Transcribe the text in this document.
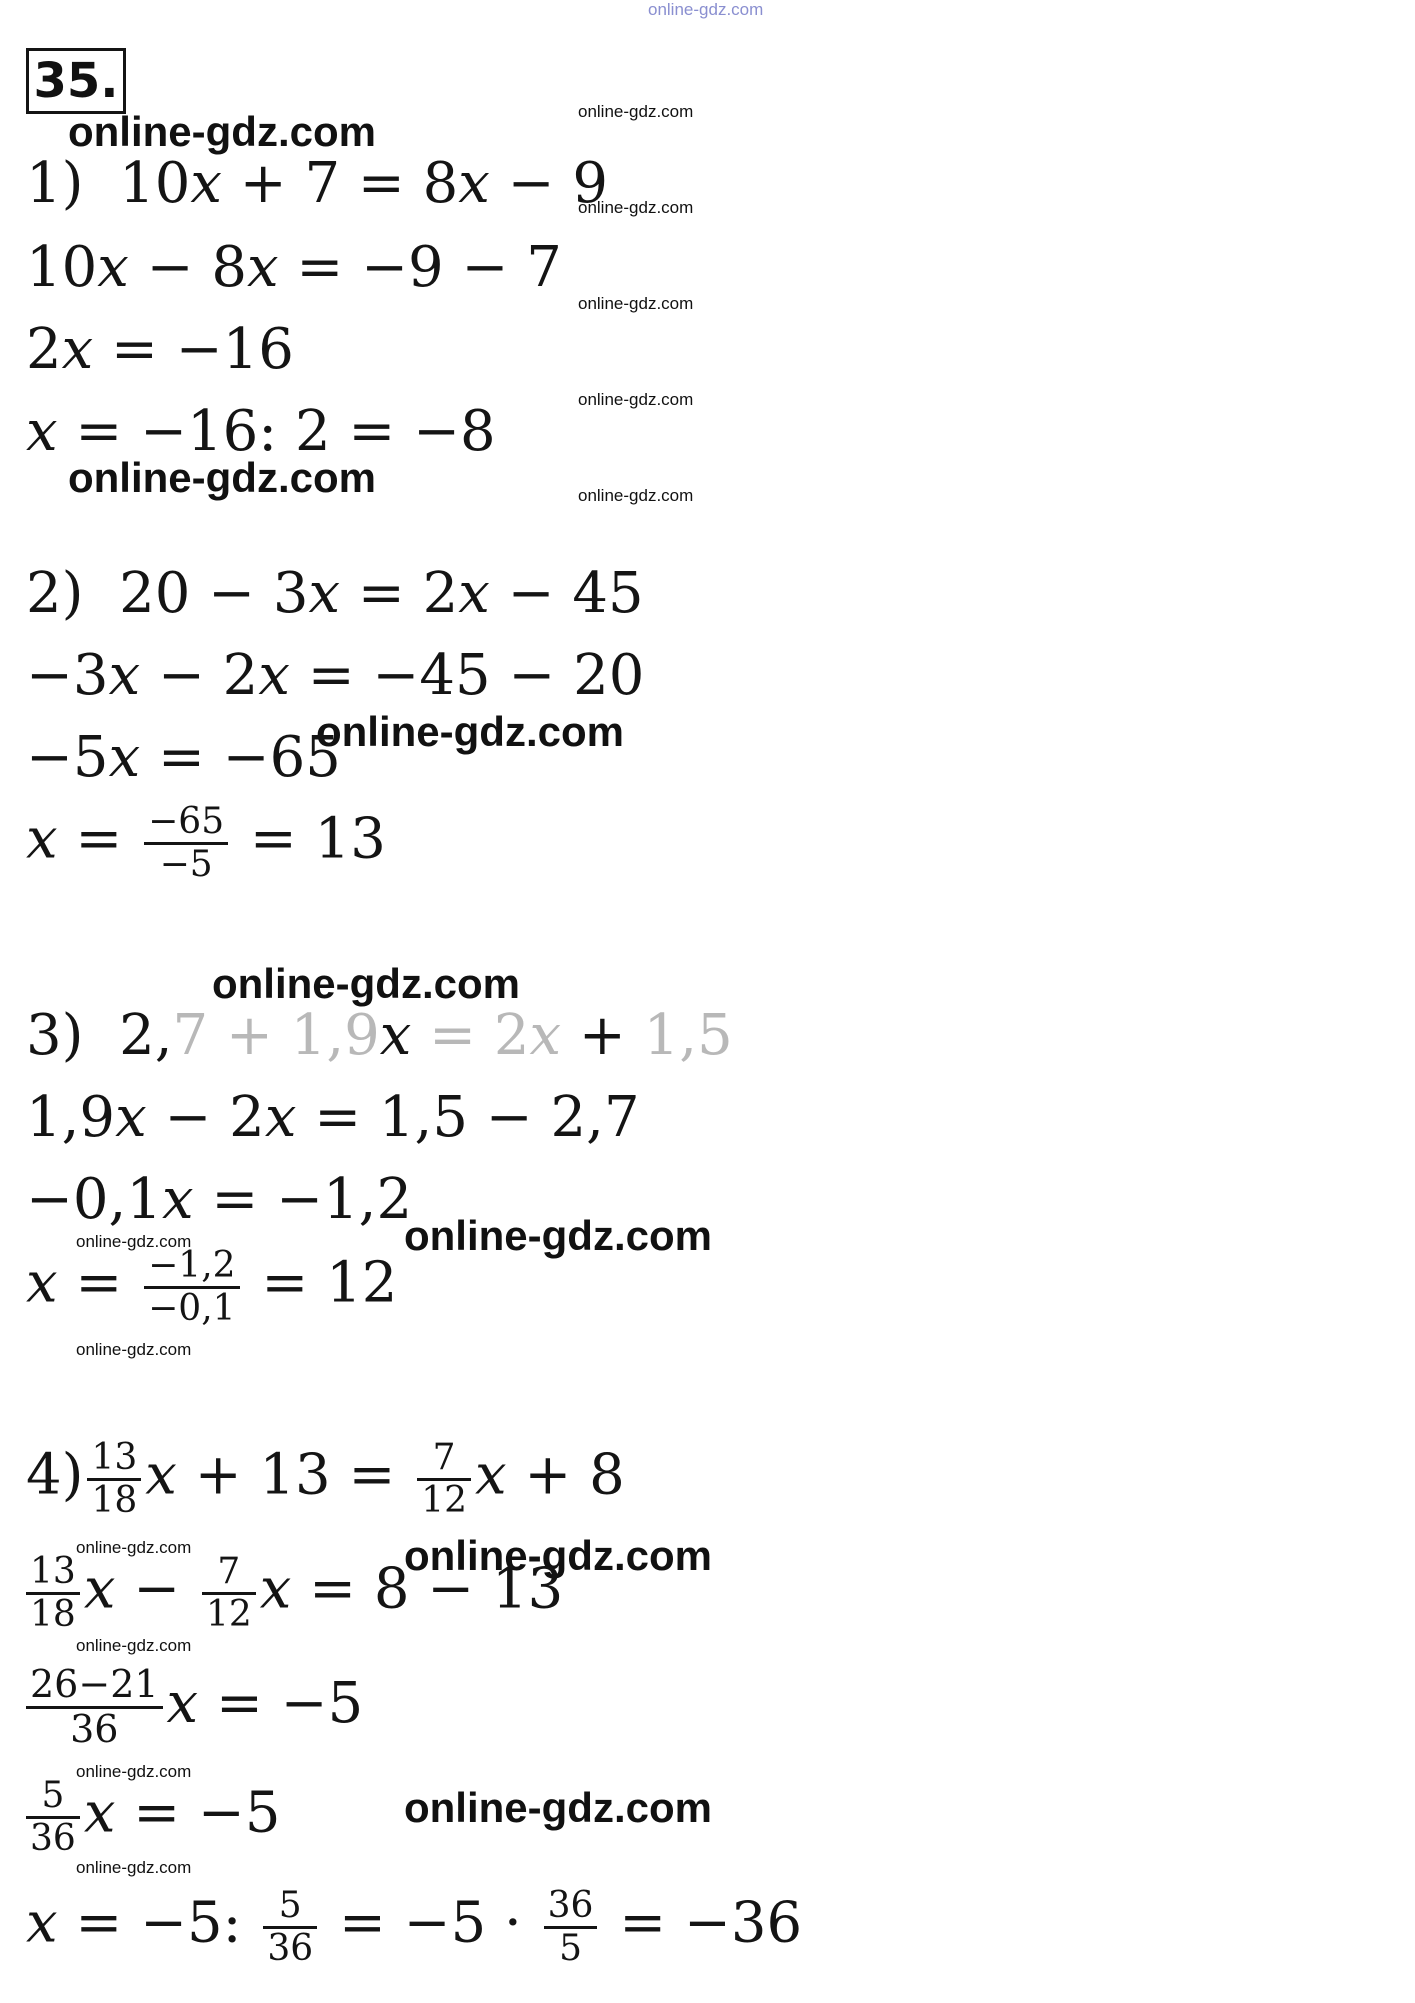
online-gdz.com
35.
online-gdz.com	online-gdz.com
online-gdz.com
online-gdz.com
online-gdz.com
online-gdz.com
online-gdz.com
online-gdz.com
online-gdz.com
online-gdz.com
online-gdz.com
online-gdz.com
online-gdz.com
online-gdz.com
online-gdz.com
online-gdz.com
online-gdz.com
online-gdz.com
1) 10x + 7 = 8x − 9
10x − 8x = −9 − 7
2x = −16
x = −16: 2 = −8
2) 20 − 3x = 2x − 45
−3x − 2x = −45 − 20
−5x = −65
$x = \frac{-65}{-5} = 13$
3) 2,7 + 1,9x = 2x + 1,5
1,9x − 2x = 1,5 − 2,7
−0,1x = −1,2
$x = \frac{-1,2}{-0,1} = 12$
$4) \frac{13}{18}$ $x + 13 = \frac{7}{12}$ x + 8
$\frac{13}{18}$ $x - \frac{7}{12}$ x = 8 − 13
$\frac{26-21}{36}$ x = −5
$\frac{5}{36}$ x = −5
x = −5: $\frac{5}{36} = -5 \cdot \frac{36}{5} = -36$
